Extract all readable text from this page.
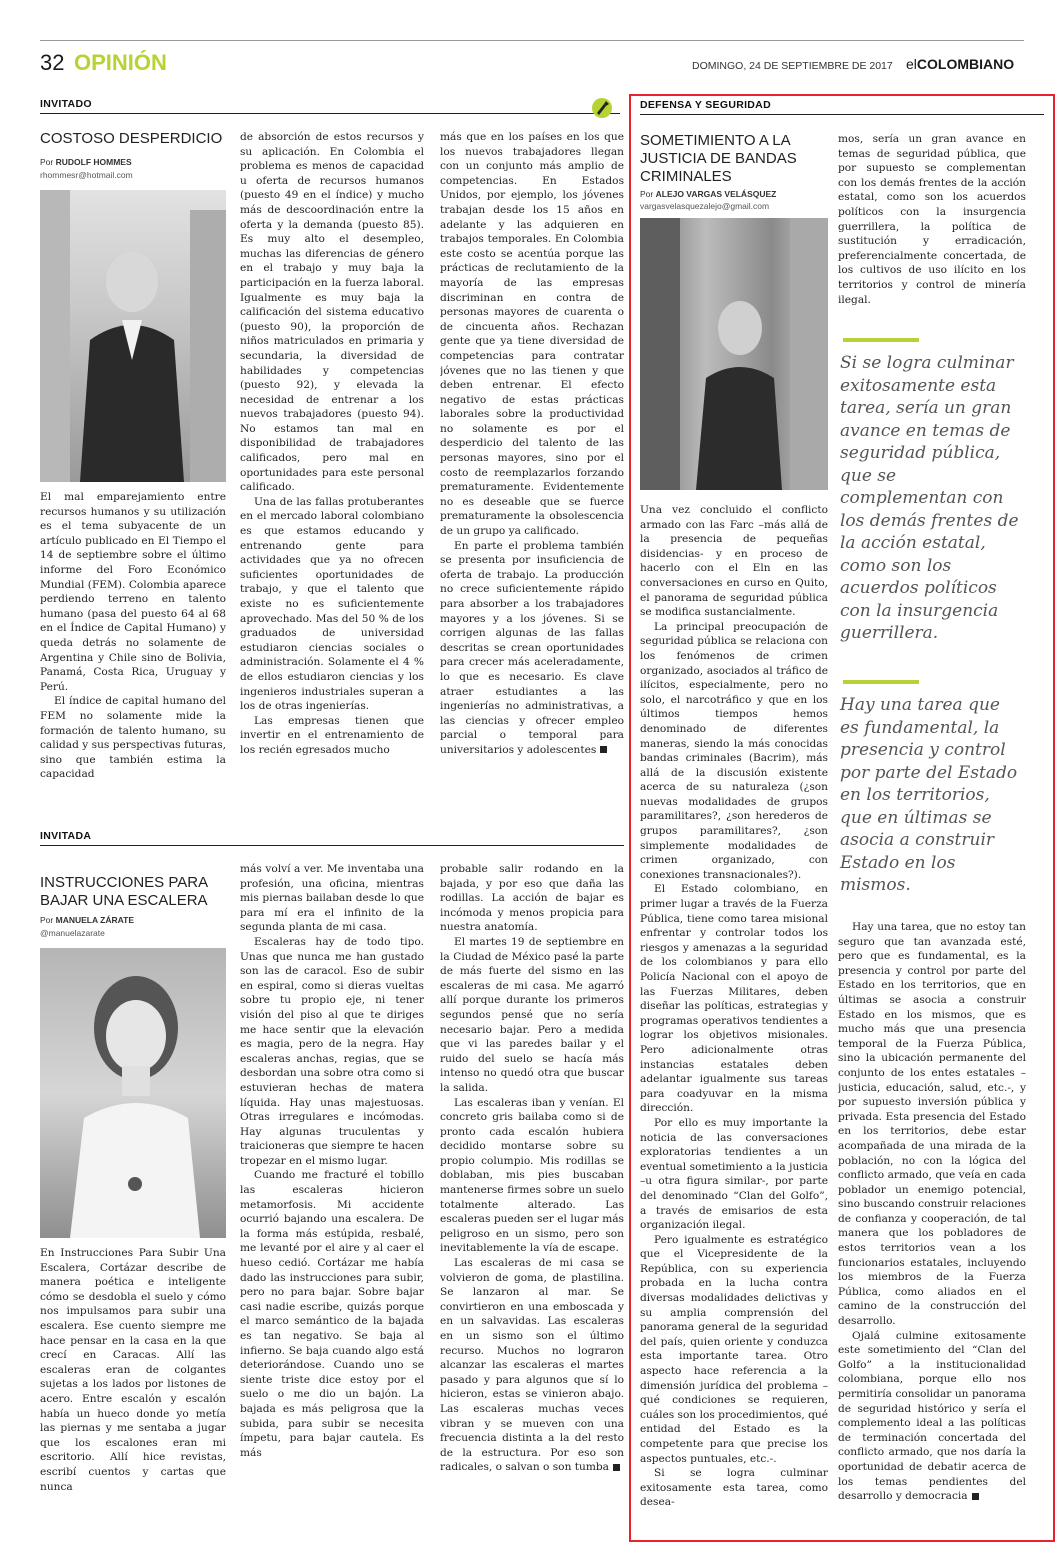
32 OPINIÓN	DOMINGO, 24 DE SEPTIEMBRE DE 2017 elCOLOMBIANO
INVITADO
COSTOSO DESPERDICIO
Por RUDOLF HOMMES
rhommesr@hotmail.com

El mal emparejamiento entre recursos humanos y su utilización es el tema subyacente de un artículo publicado en El Tiempo el 14 de septiembre sobre el último informe del Foro Económico Mundial (FEM). Colombia aparece perdiendo terreno en talento humano (pasa del puesto 64 al 68 en el Índice de Capital Humano) y queda detrás no solamente de Argentina y Chile sino de Bolivia, Panamá, Costa Rica, Uruguay y Perú.

El índice de capital humano del FEM no solamente mide la formación de talento humano, su calidad y sus perspectivas futuras, sino que también estima la capacidad

de absorción de estos recursos y su aplicación. En Colombia el problema es menos de capacidad u oferta de recursos humanos (puesto 49 en el índice) y mucho más de descoordinación entre la oferta y la demanda (puesto 85). Es muy alto el desempleo, muchas las diferencias de género en el trabajo y muy baja la participación en la fuerza laboral. Igualmente es muy baja la calificación del sistema educativo (puesto 90), la proporción de niños matriculados en primaria y secundaria, la diversidad de habilidades y competencias (puesto 92), y elevada la necesidad de entrenar a los nuevos trabajadores (puesto 94). No estamos tan mal en disponibilidad de trabajadores calificados, pero mal en oportunidades para este personal calificado.

Una de las fallas protuberantes en el mercado laboral colombiano es que estamos educando y entrenando gente para actividades que ya no ofrecen suficientes oportunidades de trabajo, y que el talento que existe no es suficientemente aprovechado. Mas del 50 % de los graduados de universidad estudiaron ciencias sociales o administración. Solamente el 4 % de ellos estudiaron ciencias y los ingenieros industriales superan a los de otras ingenierías.

Las empresas tienen que invertir en el entrenamiento de los recién egresados mucho

más que en los países en los que los nuevos trabajadores llegan con un conjunto más amplio de competencias. En Estados Unidos, por ejemplo, los jóvenes trabajan desde los 15 años en adelante y las adquieren en trabajos temporales. En Colombia este costo se acentúa porque las prácticas de reclutamiento de la mayoría de las empresas discriminan en contra de personas mayores de cuarenta o de cincuenta años. Rechazan gente que ya tiene diversidad de competencias para contratar jóvenes que no las tienen y que deben entrenar. El efecto negativo de estas prácticas laborales sobre la productividad no solamente es por el desperdicio del talento de las personas mayores, sino por el costo de reemplazarlos forzando prematuramente. Evidentemente no es deseable que se fuerce prematuramente la obsolescencia de un grupo ya calificado.

En parte el problema también se presenta por insuficiencia de oferta de trabajo. La producción no crece suficientemente rápido para absorber a los trabajadores mayores y a los jóvenes. Si se corrigen algunas de las fallas descritas se crean oportunidades para crecer más aceleradamente, lo que es necesario. Es clave atraer estudiantes a las ingenierías no administrativas, a las ciencias y ofrecer empleo parcial o temporal para universitarios y adolescentes

INVITADA
INSTRUCCIONES PARA BAJAR UNA ESCALERA
Por MANUELA ZÁRATE
@manuelazarate

En Instrucciones Para Subir Una Escalera, Cortázar describe de manera poética e inteligente cómo se desdobla el suelo y cómo nos impulsamos para subir una escalera. Ese cuento siempre me hace pensar en la casa en la que crecí en Caracas. Allí las escaleras eran de colgantes sujetas a los lados por listones de acero. Entre escalón y escalón había un hueco donde yo metía las piernas y me sentaba a jugar que los escalones eran mi escritorio. Allí hice revistas, escribí cuentos y cartas que nunca

más volví a ver. Me inventaba una profesión, una oficina, mientras mis piernas bailaban desde lo que para mí era el infinito de la segunda planta de mi casa.

Escaleras hay de todo tipo. Unas que nunca me han gustado son las de caracol. Eso de subir en espiral, como si dieras vueltas sobre tu propio eje, ni tener visión del piso al que te diriges me hace sentir que la elevación es magia, pero de la negra. Hay escaleras anchas, regias, que se desbordan una sobre otra como si estuvieran hechas de matera líquida. Hay unas majestuosas. Otras irregulares e incómodas. Hay algunas truculentas y traicioneras que siempre te hacen tropezar en el mismo lugar.

Cuando me fracturé el tobillo las escaleras hicieron metamorfosis. Mi accidente ocurrió bajando una escalera. De la forma más estúpida, resbalé, me levanté por el aire y al caer el hueso cedió. Cortázar me había dado las instrucciones para subir, pero no para bajar. Sobre bajar casi nadie escribe, quizás porque el marco semántico de la bajada es tan negativo. Se baja al infierno. Se baja cuando algo está deteriorándose. Cuando uno se siente triste dice estoy por el suelo o me dio un bajón. La bajada es más peligrosa que la subida, para subir se necesita ímpetu, para bajar cautela. Es más

probable salir rodando en la bajada, y por eso que daña las rodillas. La acción de bajar es incómoda y menos propicia para nuestra anatomía.

El martes 19 de septiembre en la Ciudad de México pasé la parte de más fuerte del sismo en las escaleras de mi casa. Me agarró allí porque durante los primeros segundos pensé que no sería necesario bajar. Pero a medida que vi las paredes bailar y el ruido del suelo se hacía más intenso no quedó otra que buscar la salida.

Las escaleras iban y venían. El concreto gris bailaba como si de pronto cada escalón hubiera decidido montarse sobre su propio columpio. Mis rodillas se doblaban, mis pies buscaban mantenerse firmes sobre un suelo totalmente alterado. Las escaleras pueden ser el lugar más peligroso en un sismo, pero son inevitablemente la vía de escape.

Las escaleras de mi casa se volvieron de goma, de plastilina. Se lanzaron al mar. Se convirtieron en una emboscada y en un salvavidas. Las escaleras en un sismo son el último recurso. Muchos no lograron alcanzar las escaleras el martes pasado y para algunos que sí lo hicieron, estas se vinieron abajo. Las escaleras muchas veces vibran y se mueven con una frecuencia distinta a la del resto de la estructura. Por eso son radicales, o salvan o son tumba

DEFENSA Y SEGURIDAD
SOMETIMIENTO A LA JUSTICIA DE BANDAS CRIMINALES
Por ALEJO VARGAS VELÁSQUEZ
vargasvelasquezalejo@gmail.com

Una vez concluido el conflicto armado con las Farc –más allá de la presencia de pequeñas disidencias- y en proceso de hacerlo con el Eln en las conversaciones en curso en Quito, el panorama de seguridad pública se modifica sustancialmente.

La principal preocupación de seguridad pública se relaciona con los fenómenos de crimen organizado, asociados al tráfico de ilícitos, especialmente, pero no solo, el narcotráfico y que en los últimos tiempos hemos denominado de diferentes maneras, siendo la más conocidas bandas criminales (Bacrim), más allá de la discusión existente acerca de su naturaleza (¿son nuevas modalidades de grupos paramilitares?, ¿son herederos de grupos paramilitares?, ¿son simplemente modalidades de crimen organizado, con conexiones transnacionales?).

El Estado colombiano, en primer lugar a través de la Fuerza Pública, tiene como tarea misional enfrentar y controlar todos los riesgos y amenazas a la seguridad de los colombianos y para ello Policía Nacional con el apoyo de las Fuerzas Militares, deben diseñar las políticas, estrategias y programas operativos tendientes a lograr los objetivos misionales. Pero adicionalmente otras instancias estatales deben adelantar igualmente sus tareas para coadyuvar en la misma dirección.

Por ello es muy importante la noticia de las conversaciones exploratorias tendientes a un eventual sometimiento a la justicia –u otra figura similar-, por parte del denominado “Clan del Golfo”, a través de emisarios de esta organización ilegal.

Pero igualmente es estratégico que el Vicepresidente de la República, con su experiencia probada en la lucha contra diversas modalidades delictivas y su amplia comprensión del panorama general de la seguridad del país, quien oriente y conduzca esta importante tarea. Otro aspecto hace referencia a la dimensión jurídica del problema –qué condiciones se requieren, cuáles son los procedimientos, qué entidad del Estado es la competente para que precise los aspectos puntuales, etc.-.

Si se logra culminar exitosamente esta tarea, como desea-

mos, sería un gran avance en temas de seguridad pública, que por supuesto se complementan con los demás frentes de la acción estatal, como son los acuerdos políticos con la insurgencia guerrillera, la política de sustitución y erradicación, preferencialmente concertada, de los cultivos de uso ilícito en los territorios y control de minería ilegal.

Si se logra culminar exitosamente esta tarea, sería un gran avance en temas de seguridad pública, que se complementan con los demás frentes de la acción estatal, como son los acuerdos políticos con la insurgencia guerrillera.
Hay una tarea que es fundamental, la presencia y control por parte del Estado en los territorios, que en últimas se asocia a construir Estado en los mismos.

Hay una tarea, que no estoy tan seguro que tan avanzada esté, pero que es fundamental, es la presencia y control por parte del Estado en los territorios, que en últimas se asocia a construir Estado en los mismos, que es mucho más que una presencia temporal de la Fuerza Pública, sino la ubicación permanente del conjunto de los entes estatales –justicia, educación, salud, etc.-, y por supuesto inversión pública y privada. Esta presencia del Estado en los territorios, debe estar acompañada de una mirada de la población, no con la lógica del conflicto armado, que veía en cada poblador un enemigo potencial, sino buscando construir relaciones de confianza y cooperación, de tal manera que los pobladores de estos territorios vean a los funcionarios estatales, incluyendo los miembros de la Fuerza Pública, como aliados en el camino de la construcción del desarrollo.

Ojalá culmine exitosamente este sometimiento del “Clan del Golfo” a la institucionalidad colombiana, porque ello nos permitiría consolidar un panorama de seguridad histórico y sería el complemento ideal a las políticas de terminación concertada del conflicto armado, que nos daría la oportunidad de debatir acerca de los temas pendientes del desarrollo y democracia
